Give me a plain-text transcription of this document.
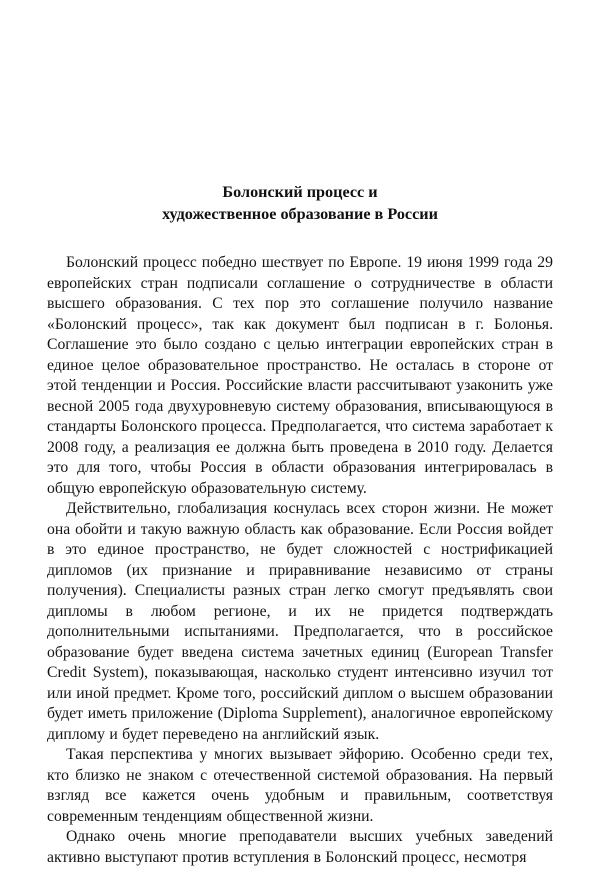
Болонский процесс и
художественное образование в России

Болонский процесс победно шествует по Европе. 19 июня 1999 года 29 европейских стран подписали соглашение о сотрудничестве в области высшего образования. С тех пор это соглашение получило название «Болонский процесс», так как документ был подписан в г. Болонья. Соглашение это было создано с целью интеграции европейских стран в единое целое образовательное пространство. Не осталась в стороне от этой тенденции и Россия. Российские власти рассчитывают узаконить уже весной 2005 года двухуровневую систему образования, вписывающуюся в стандарты Болонского процесса. Предполагается, что система заработает к 2008 году, а реализация ее должна быть проведена в 2010 году. Делается это для того, чтобы Россия в области образования интегрировалась в общую европейскую образовательную систему.

Действительно, глобализация коснулась всех сторон жизни. Не может она обойти и такую важную область как образование. Если Россия войдет в это единое пространство, не будет сложностей с нострификацией дипломов (их признание и приравнивание независимо от страны получения). Специалисты разных стран легко смогут предъявлять свои дипломы в любом регионе, и их не придется подтверждать дополнительными испытаниями. Предполагается, что в российское образование будет введена система зачетных единиц (European Transfer Credit System), показывающая, насколько студент интенсивно изучил тот или иной предмет. Кроме того, российский диплом о высшем образовании будет иметь приложение (Diploma Supplement), аналогичное европейскому диплому и будет переведено на английский язык.

Такая перспектива у многих вызывает эйфорию. Особенно среди тех, кто близко не знаком с отечественной системой образования. На первый взгляд все кажется очень удобным и правильным, соответствуя современным тенденциям общественной жизни.

Однако очень многие преподаватели высших учебных заведений активно выступают против вступления в Болонский процесс, несмотря
